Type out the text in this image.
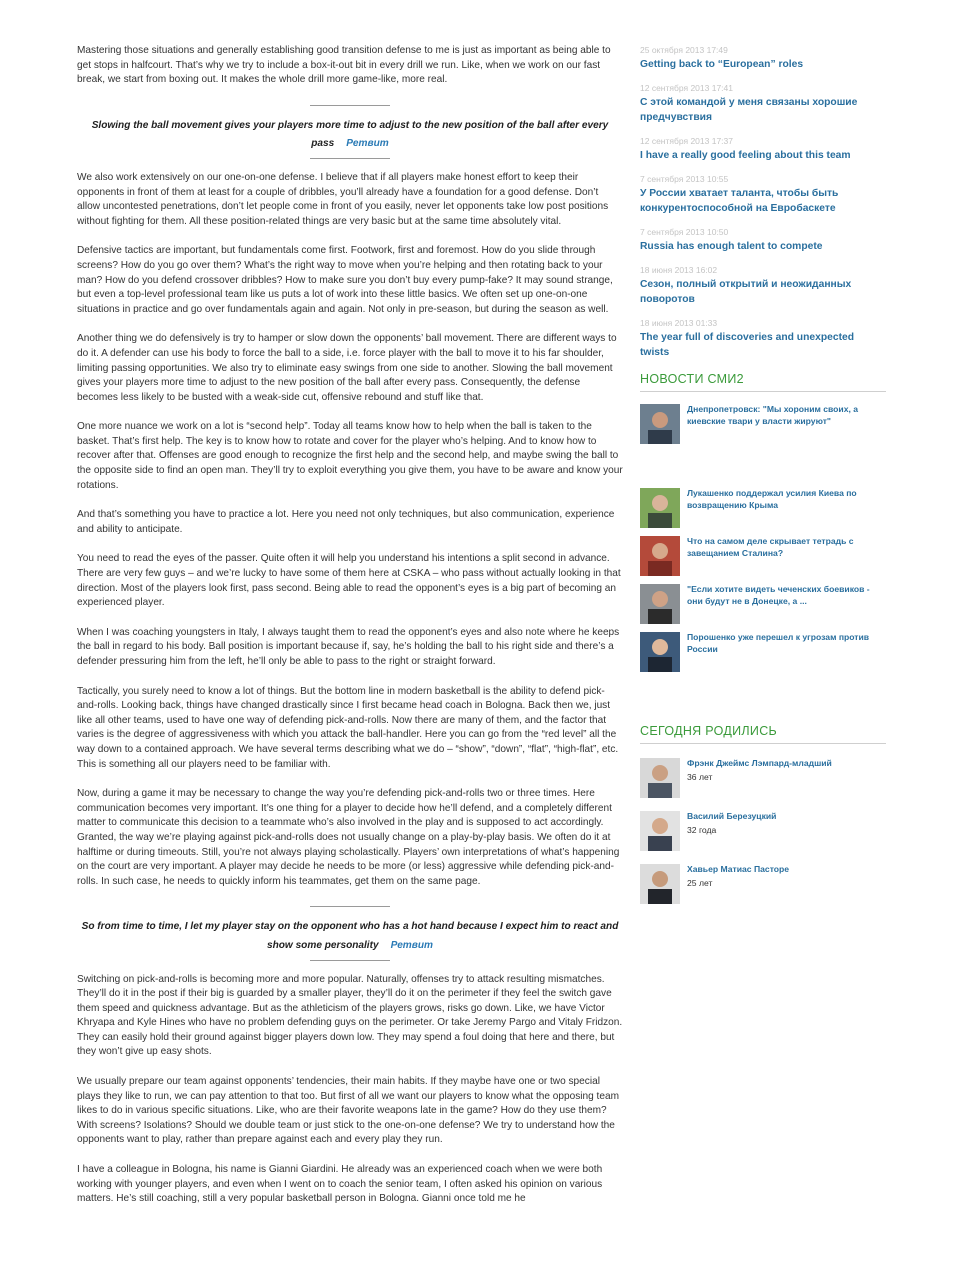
Mastering those situations and generally establishing good transition defense to me is just as important as being able to get stops in halfcourt. That’s why we try to include a box-it-out bit in every drill we run. Like, when we work on our fast break, we start from boxing out. It makes the whole drill more game-like, more real.

Slowing the ball movement gives your players more time to adjust to the new position of the ball after every pass Ретвит

We also work extensively on our one-on-one defense. I believe that if all players make honest effort to keep their opponents in front of them at least for a couple of dribbles, you’ll already have a foundation for a good defense. Don’t allow uncontested penetrations, don’t let people come in front of you easily, never let opponents take low post positions without fighting for them. All these position-related things are very basic but at the same time absolutely vital.

Defensive tactics are important, but fundamentals come first. Footwork, first and foremost. How do you slide through screens? How do you go over them? What’s the right way to move when you’re helping and then rotating back to your man? How do you defend crossover dribbles? How to make sure you don’t buy every pump-fake? It may sound strange, but even a top-level professional team like us puts a lot of work into these little basics. We often set up one-on-one situations in practice and go over fundamentals again and again. Not only in pre-season, but during the season as well.

Another thing we do defensively is try to hamper or slow down the opponents’ ball movement. There are different ways to do it. A defender can use his body to force the ball to a side, i.e. force player with the ball to move it to his far shoulder, limiting passing opportunities. We also try to eliminate easy swings from one side to another. Slowing the ball movement gives your players more time to adjust to the new position of the ball after every pass. Consequently, the defense becomes less likely to be busted with a weak-side cut, offensive rebound and stuff like that.

One more nuance we work on a lot is “second help”. Today all teams know how to help when the ball is taken to the basket. That’s first help. The key is to know how to rotate and cover for the player who’s helping. And to know how to recover after that. Offenses are good enough to recognize the first help and the second help, and maybe swing the ball to the opposite side to find an open man. They’ll try to exploit everything you give them, you have to be aware and know your rotations.

And that’s something you have to practice a lot. Here you need not only techniques, but also communication, experience and ability to anticipate.

You need to read the eyes of the passer. Quite often it will help you understand his intentions a split second in advance. There are very few guys – and we’re lucky to have some of them here at CSKA – who pass without actually looking in that direction. Most of the players look first, pass second. Being able to read the opponent’s eyes is a big part of becoming an experienced player.

When I was coaching youngsters in Italy, I always taught them to read the opponent’s eyes and also note where he keeps the ball in regard to his body. Ball position is important because if, say, he’s holding the ball to his right side and there’s a defender pressuring him from the left, he’ll only be able to pass to the right or straight forward.

Tactically, you surely need to know a lot of things. But the bottom line in modern basketball is the ability to defend pick-and-rolls. Looking back, things have changed drastically since I first became head coach in Bologna. Back then we, just like all other teams, used to have one way of defending pick-and-rolls. Now there are many of them, and the factor that varies is the degree of aggressiveness with which you attack the ball-handler. Here you can go from the “red level” all the way down to a contained approach. We have several terms describing what we do – “show”, “down”, “flat”, “high-flat”, etc. This is something all our players need to be familiar with.

Now, during a game it may be necessary to change the way you’re defending pick-and-rolls two or three times. Here communication becomes very important. It’s one thing for a player to decide how he’ll defend, and a completely different matter to communicate this decision to a teammate who’s also involved in the play and is supposed to act accordingly. Granted, the way we’re playing against pick-and-rolls does not usually change on a play-by-play basis. We often do it at halftime or during timeouts. Still, you’re not always playing scholastically. Players’ own interpretations of what’s happening on the court are very important. A player may decide he needs to be more (or less) aggressive while defending pick-and-rolls. In such case, he needs to quickly inform his teammates, get them on the same page.

So from time to time, I let my player stay on the opponent who has a hot hand because I expect him to react and show some personality Ретвит

Switching on pick-and-rolls is becoming more and more popular. Naturally, offenses try to attack resulting mismatches. They’ll do it in the post if their big is guarded by a smaller player, they’ll do it on the perimeter if they feel the switch gave them speed and quickness advantage. But as the athleticism of the players grows, risks go down. Like, we have Victor Khryapa and Kyle Hines who have no problem defending guys on the perimeter. Or take Jeremy Pargo and Vitaly Fridzon. They can easily hold their ground against bigger players down low. They may spend a foul doing that here and there, but they won’t give up easy shots.

We usually prepare our team against opponents’ tendencies, their main habits. If they maybe have one or two special plays they like to run, we can pay attention to that too. But first of all we want our players to know what the opposing team likes to do in various specific situations. Like, who are their favorite weapons late in the game? How do they use them? With screens? Isolations? Should we double team or just stick to the one-on-one defense? We try to understand how the opponents want to play, rather than prepare against each and every play they run.

I have a colleague in Bologna, his name is Gianni Giardini. He already was an experienced coach when we were both working with younger players, and even when I went on to coach the senior team, I often asked his opinion on various matters. He’s still coaching, still a very popular basketball person in Bologna. Gianni once told me he

25 октября 2013 17:49
Getting back to “European” roles
12 сентября 2013 17:41
С этой командой у меня связаны хорошие предчувствия
12 сентября 2013 17:37
I have a really good feeling about this team
7 сентября 2013 10:55
У России хватает таланта, чтобы быть конкурентоспособной на Евробаскете
7 сентября 2013 10:50
Russia has enough talent to compete
18 июня 2013 16:02
Сезон, полный открытий и неожиданных поворотов
18 июня 2013 01:33
The year full of discoveries and unexpected twists
НОВОСТИ СМИ2
Днепропетровск: "Мы хороним своих, а киевские твари у власти жируют"
Лукашенко поддержал усилия Киева по возвращению Крыма
Что на самом деле скрывает тетрадь с завещанием Сталина?
"Если хотите видеть чеченских боевиков - они будут не в Донецке, а ...
Порошенко уже перешел к угрозам против России
СЕГОДНЯ РОДИЛИСЬ
Фрэнк Джеймс Лэмпард-младший
36 лет
Василий Березуцкий
32 года
Хавьер Матиас Пасторе
25 лет
